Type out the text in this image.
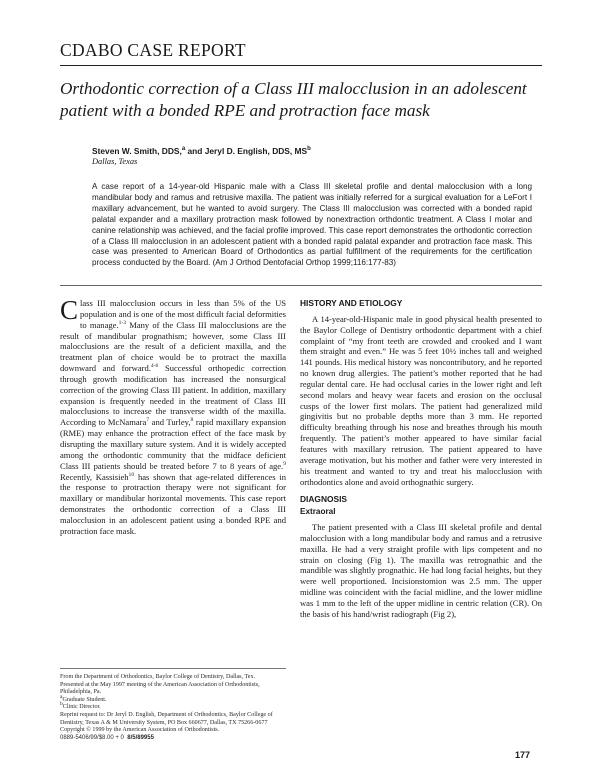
CDABO CASE REPORT
Orthodontic correction of a Class III malocclusion in an adolescent patient with a bonded RPE and protraction face mask
Steven W. Smith, DDS,$^a$ and Jeryl D. English, DDS, $MS^b$
Dallas, Texas
A case report of a 14-year-old Hispanic male with a Class III skeletal profile and dental malocclusion with a long mandibular body and ramus and retrusive maxilla. The patient was initially referred for a surgical evaluation for a LeFort I maxillary advancement, but he wanted to avoid surgery. The Class III malocclusion was corrected with a bonded rapid palatal expander and a maxillary protraction mask followed by nonextraction orthdontic treatment. A Class I molar and canine relationship was achieved, and the facial profile improved. This case report demonstrates the orthodontic correction of a Class III malocclusion in an adolescent patient with a bonded rapid palatal expander and protraction face mask. This case was presented to American Board of Orthodontics as partial fulfillment of the requirements for the certification process conducted by the Board. (Am J Orthod Dentofacial Orthop 1999;116:177-83)

Class III malocclusion occurs in less than 5% of the US population and is one of the most difficult facial deformities to manage.$^{1-3}$ Many of the Class III malocclusions are the result of mandibular prognathism; however, some Class III malocclusions are the result of a deficient maxilla, and the treatment plan of choice would be to protract the maxilla downward and forward.$^{4-6}$ Successful orthopedic correction through growth modification has increased the nonsurgical correction of the growing Class III patient. In addition, maxillary expansion is frequently needed in the treatment of Class III malocclusions to increase the transverse width of the maxilla. According to McNamara$^7$ and Turley,$^8$ rapid maxillary expansion (RME) may enhance the protraction effect of the face mask by disrupting the maxillary suture system. And it is widely accepted among the orthodontic community that the midface deficient Class III patients should be treated before 7 to 8 years of age.$^9$ Recently, Kassisieh$^{10}$ has shown that age-related differences in the response to protraction therapy were not significant for maxillary or mandibular horizontal movements. This case report demonstrates the orthodontic correction of a Class III malocclusion in an adolescent patient using a bonded RPE and protraction face mask.

HISTORY AND ETIOLOGY

A 14-year-old-Hispanic male in good physical health presented to the Baylor College of Dentistry orthodontic department with a chief complaint of “my front teeth are crowded and crooked and I want them straight and even.” He was 5 feet 10½ inches tall and weighed 141 pounds. His medical history was noncontributory, and he reported no known drug allergies. The patient’s mother reported that he had regular dental care. He had occlusal caries in the lower right and left second molars and heavy wear facets and erosion on the occlusal cusps of the lower first molars. The patient had generalized mild gingivitis but no probable depths more than 3 mm. He reported difficulty breathing through his nose and breathes through his mouth frequently. The patient’s mother appeared to have similar facial features with maxillary retrusion. The patient appeared to have average motivation, but his mother and father were very interested in his treatment and wanted to try and treat his malocclusion with orthodontics alone and avoid orthognathic surgery.

DIAGNOSIS
Extraoral

The patient presented with a Class III skeletal profile and dental malocclusion with a long mandibular body and ramus and a retrusive maxilla. He had a very straight profile with lips competent and no strain on closing (Fig 1). The maxilla was retrognathic and the mandible was slightly prognathic. He had long facial heights, but they were well proportioned. Incisionstomion was 2.5 mm. The upper midline was coincident with the facial midline, and the lower midline was 1 mm to the left of the upper midline in centric relation (CR). On the basis of his hand/wrist radiograph (Fig 2),

From the Department of Orthodontics, Baylor College of Dentistry, Dallas, Tex.
Presented at the May 1997 meeting of the American Association of Orthodontists, Philadelphia, Pa.
$^a$Graduate Student.
$^b$Clinic Director.
Reprint request to: Dr Jeryl D. English, Department of Orthodontics, Baylor College of Dentistry, Texas A & M University System, PO Box 660677, Dallas, TX 75266-0677
Copyright © 1999 by the American Association of Orthodontists.
0889-5406/99/$8.00 + 0 8/5/89955
177
